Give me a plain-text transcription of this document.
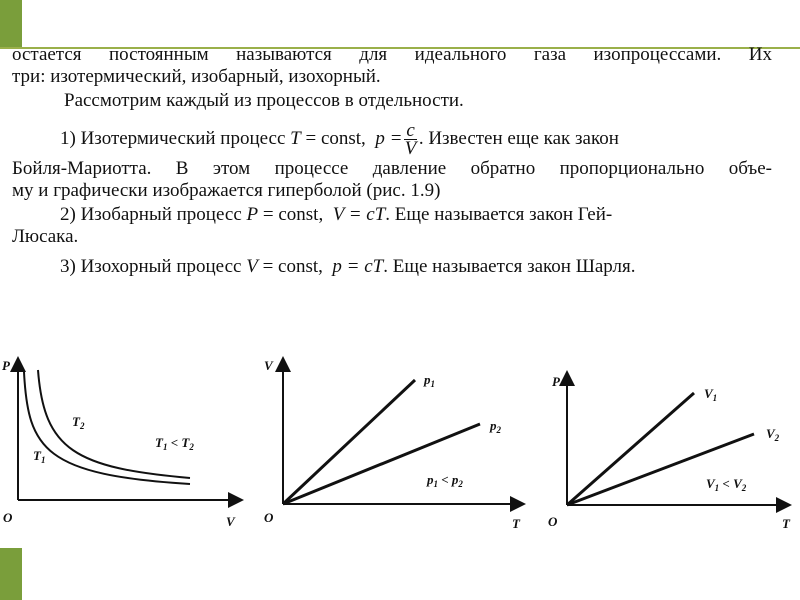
остается постоянным называются для идеального газа изопроцессами. Их

три: изотермический, изобарный, изохорный.

Рассмотрим каждый из процессов в отдельности.

1) Изотермический процесс T = const, $p = \frac{c}{V}$ . Известен еще как закон

Бойля-Мариотта. В этом процессе давление обратно пропорционально объе-

му и графически изображается гиперболой (рис. 1.9)

2) Изобарный процесс P = const, V = cT. Еще называется закон Гей-

Люсака.

3) Изохорный процесс V = const, p = cT. Еще называется закон Шарля.

P
O	V
$T_2$
$T_1$
$T_1 < T_2$
V
O	T
$p_1$
$p_2$
$p_1 < p_2$
P
O	T
$V_1$
$V_2$
$V_1 < V_2$
